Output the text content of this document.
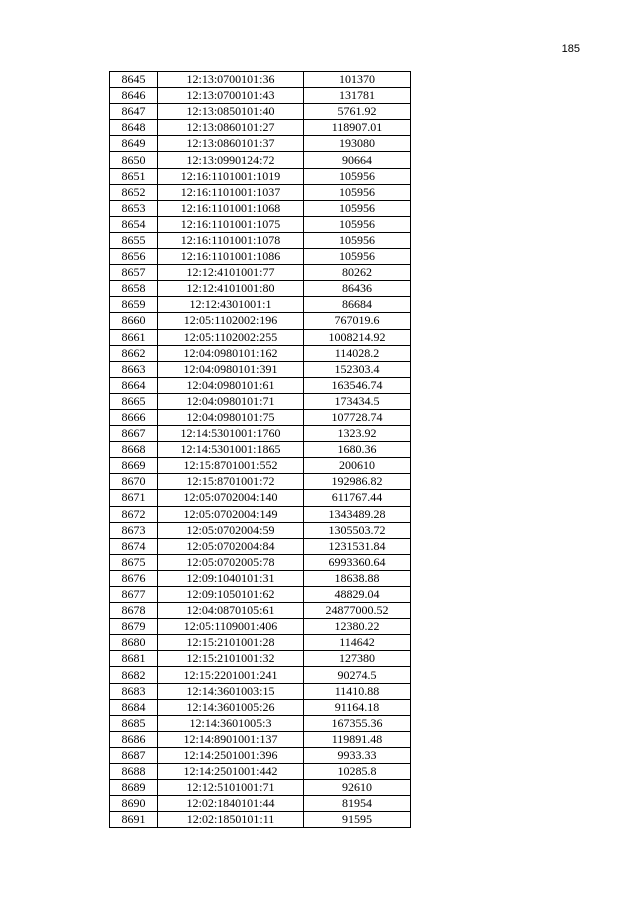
185
8645	12:13:0700101:36	101370
8646	12:13:0700101:43	131781
8647	12:13:0850101:40	5761.92
8648	12:13:0860101:27	118907.01
8649	12:13:0860101:37	193080
8650	12:13:0990124:72	90664
8651	12:16:1101001:1019	105956
8652	12:16:1101001:1037	105956
8653	12:16:1101001:1068	105956
8654	12:16:1101001:1075	105956
8655	12:16:1101001:1078	105956
8656	12:16:1101001:1086	105956
8657	12:12:4101001:77	80262
8658	12:12:4101001:80	86436
8659	12:12:4301001:1	86684
8660	12:05:1102002:196	767019.6
8661	12:05:1102002:255	1008214.92
8662	12:04:0980101:162	114028.2
8663	12:04:0980101:391	152303.4
8664	12:04:0980101:61	163546.74
8665	12:04:0980101:71	173434.5
8666	12:04:0980101:75	107728.74
8667	12:14:5301001:1760	1323.92
8668	12:14:5301001:1865	1680.36
8669	12:15:8701001:552	200610
8670	12:15:8701001:72	192986.82
8671	12:05:0702004:140	611767.44
8672	12:05:0702004:149	1343489.28
8673	12:05:0702004:59	1305503.72
8674	12:05:0702004:84	1231531.84
8675	12:05:0702005:78	6993360.64
8676	12:09:1040101:31	18638.88
8677	12:09:1050101:62	48829.04
8678	12:04:0870105:61	24877000.52
8679	12:05:1109001:406	12380.22
8680	12:15:2101001:28	114642
8681	12:15:2101001:32	127380
8682	12:15:2201001:241	90274.5
8683	12:14:3601003:15	11410.88
8684	12:14:3601005:26	91164.18
8685	12:14:3601005:3	167355.36
8686	12:14:8901001:137	119891.48
8687	12:14:2501001:396	9933.33
8688	12:14:2501001:442	10285.8
8689	12:12:5101001:71	92610
8690	12:02:1840101:44	81954
8691	12:02:1850101:11	91595
